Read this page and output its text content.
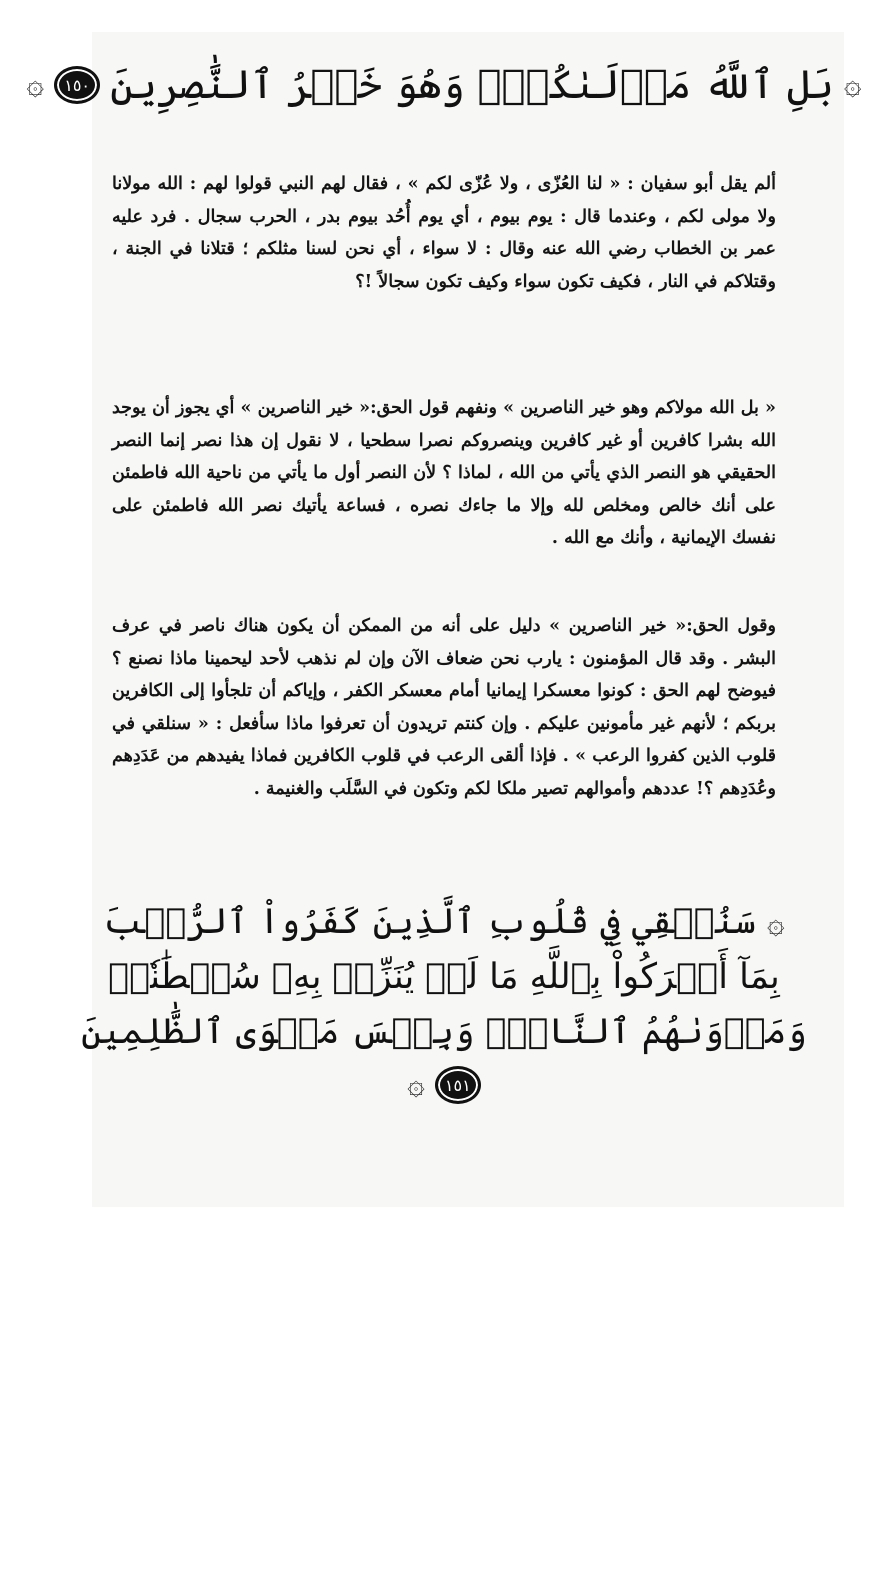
۞
بَلِ ٱللَّهُ مَوۡلَىٰكُمۡۖ وَهُوَ خَيۡرُ ٱلنَّٰصِرِينَ
١٥٠
۞

ألم يقل أبو سفيان : « لنا العُزّى ، ولا عُزّى لكم » ، فقال لهم النبي قولوا لهم : الله مولانا ولا مولى لكم ، وعندما قال : يوم بيوم ، أي يوم أُحُد بيوم بدر ، الحرب سجال . فرد عليه عمر بن الخطاب رضي الله عنه وقال : لا سواء ، أي نحن لسنا مثلكم ؛ قتلانا في الجنة ، وقتلاكم في النار ، فكيف تكون سواء وكيف تكون سجالاً !؟

« بل الله مولاكم وهو خير الناصرين » ونفهم قول الحق:« خير الناصرين » أي يجوز أن يوجد الله بشرا كافرين أو غير كافرين وينصروكم نصرا سطحيا ، لا نقول إن هذا نصر إنما النصر الحقيقي هو النصر الذي يأتي من الله ، لماذا ؟ لأن النصر أول ما يأتي من ناحية الله فاطمئن على أنك خالص ومخلص لله وإلا ما جاءك نصره ، فساعة يأتيك نصر الله فاطمئن على نفسك الإيمانية ، وأنك مع الله .

وقول الحق:« خير الناصرين » دليل على أنه من الممكن أن يكون هناك ناصر في عرف البشر . وقد قال المؤمنون : يارب نحن ضعاف الآن وإن لم نذهب لأحد ليحمينا ماذا نصنع ؟ فيوضح لهم الحق : كونوا معسكرا إيمانيا أمام معسكر الكفر ، وإياكم أن تلجأوا إلى الكافرين بربكم ؛ لأنهم غير مأمونين عليكم . وإن كنتم تريدون أن تعرفوا ماذا سأفعل : « سنلقي في قلوب الذين كفروا الرعب » . فإذا ألقى الرعب في قلوب الكافرين فماذا يفيدهم من عَدَدِهم وعُدَدِهم ؟! عددهم وأموالهم تصير ملكا لكم وتكون في السَّلَب والغنيمة .

۞ سَنُلۡقِي فِي قُلُوبِ ٱلَّذِينَ كَفَرُواْ ٱلرُّعۡبَ
بِمَآ أَشۡرَكُواْ بِٱللَّهِ مَا لَمۡ يُنَزِّلۡ بِهِۦ سُلۡطَٰنٗاۖ
وَمَأۡوَىٰهُمُ ٱلنَّارُۖ وَبِئۡسَ مَثۡوَى ٱلظَّٰلِمِينَ
١٥١
۞
